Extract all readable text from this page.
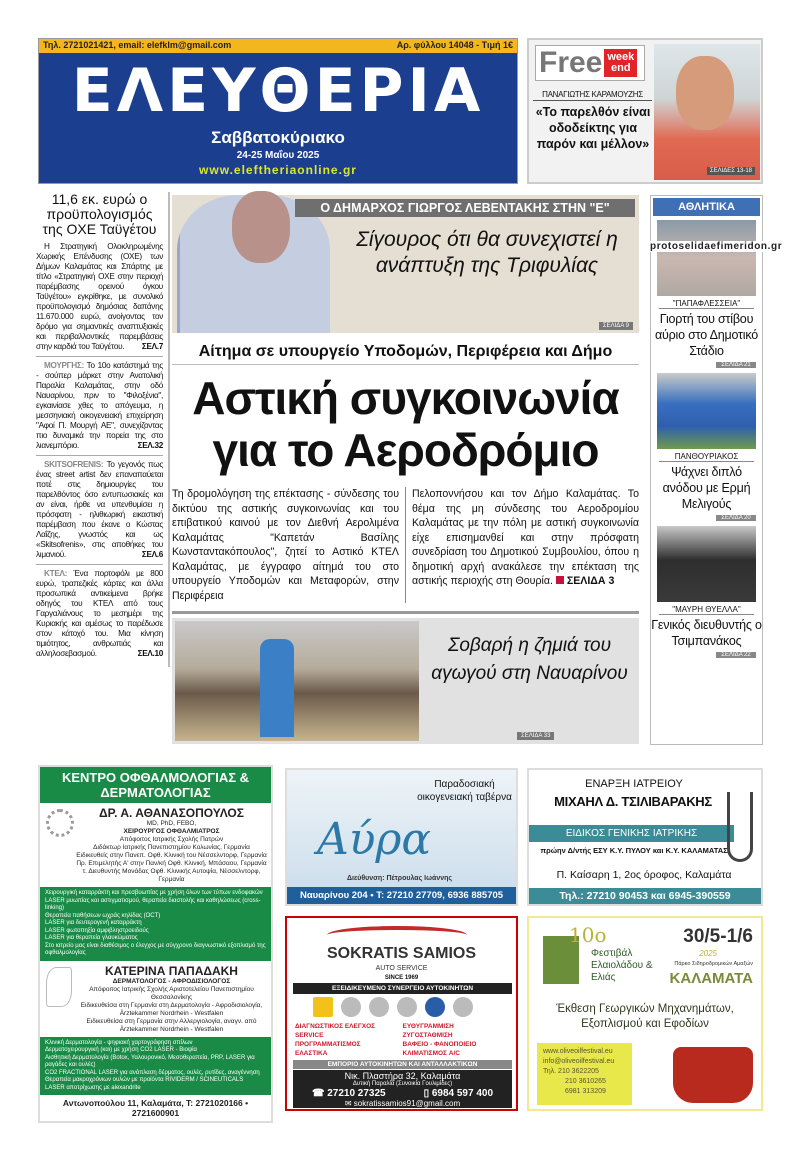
Τηλ. 2721021421, email: elefklm@gmail.com	Αρ. φύλλου 14048 - Τιμή 1€
ΕΛΕΥΘΕΡΙΑ
Σαββατοκύριακο
24-25 Μαΐου 2025
www.eleftheriaonline.gr
Free week
end
ΠΑΝΑΓΙΩΤΗΣ ΚΑΡΑΜΟΥΖΗΣ
«Το παρελθόν είναι οδοδείκτης για παρόν και μέλλον»
ΣΕΛΙΔΕΣ 13-18
11,6 εκ. ευρώ ο προϋπολογισμός της ΟΧΕ Ταϋγέτου

Η Στρατηγική Ολοκληρωμένης Χωρικής Επένδυσης (ΟΧΕ) των Δήμων Καλαμάτας και Σπάρτης με τίτλο «Στρατηγική ΟΧΕ στην περιοχή παρέμβασης ορεινού όγκου Ταϋγέτου» εγκρίθηκε, με συνολικό προϋπολογισμό δημόσιας δαπάνης 11.670.000 ευρώ, ανοίγοντας τον δρόμο για σημαντικές αναπτυξιακές και περιβαλλοντικές παρεμβάσεις στην καρδιά του Ταϋγέτου.	ΣΕΛ.7

ΜΟΥΡΓΗΣ: Το 10ο κατάστημά της - σούπερ μάρκετ στην Ανατολική Παραλία Καλαμάτας, στην οδό Ναυαρίνου, πριν το "Φιλοξένια", εγκαινίασε χθες το απόγευμα, η μεσσηνιακή οικογενειακή επιχείρηση "Αφοί Π. Μουργή ΑΕ", συνεχίζοντας πιο δυναμικά την πορεία της στο λιανεμπόριο.	ΣΕΛ.32

SKITSOFRENIS: Το γεγονός πως ένας street artist δεν επαναπαύεται ποτέ στις δημιουργίες του παρελθόντος όσο εντυπωσιακές και αν είναι, ήρθε να υπενθυμίσει η πρόσφατη - ηλιθιωρική εικαστική παρέμβαση που έκανε ο Κώστας Λαΐζης, γνωστός και ως «Skitsofrenis», στις αποθήκες του λιμανιού.	ΣΕΛ.6

ΚΤΕΛ: Ένα πορτοφόλι με 800 ευρώ, τραπεζικές κάρτες και άλλα προσωπικά αντικείμενα βρήκε οδηγός του ΚΤΕΛ από τους Γαργαλιάνους το μεσημέρι της Κυριακής και αμέσως το παρέδωσε στον κάτοχό του. Μια κίνηση τιμιότητος, ανθρωπιάς και αλληλοσεβασμού.	ΣΕΛ.10

Ο ΔΗΜΑΡΧΟΣ ΓΙΩΡΓΟΣ ΛΕΒΕΝΤΑΚΗΣ ΣΤΗΝ "Ε"
Σίγουρος ότι θα συνεχιστεί η ανάπτυξη της Τριφυλίας
ΣΕΛΙΔΑ 9
Αίτημα σε υπουργείο Υποδομών, Περιφέρεια και Δήμο
Αστική συγκοινωνία
για το Αεροδρόμιο
Τη δρομολόγηση της επέκτασης - σύνδεσης του δικτύου της αστικής συγκοινωνίας και του επιβατικού καινού με τον Διεθνή Αερολιμένα Καλαμάτας "Καπετάν Βασίλης Κωνσταντακόπουλος", ζητεί το Αστικό ΚΤΕΛ Καλαμάτας, με έγγραφο αίτημά του στο υπουργείο Υποδομών και Μεταφορών, στην Περιφέρεια
Πελοποννήσου και τον Δήμο Καλαμάτας. Το θέμα της μη σύνδεσης του Αεροδρομίου Καλαμάτας με την πόλη με αστική συγκοινωνία είχε επισημανθεί και στην πρόσφατη συνεδρίαση του Δημοτικού Συμβουλίου, όπου η δημοτική αρχή ανακάλεσε την επέκταση της αστικής περιοχής στη Θουρία. ΣΕΛΙΔΑ 3
Σοβαρή η ζημιά του αγωγού στη Ναυαρίνου
ΣΕΛΙΔΑ 33
ΑΘΛΗΤΙΚΑ
"ΠΑΠΑΦΛΕΣΣΕΙΑ"
Γιορτή του στίβου αύριο στο Δημοτικό Στάδιο
ΣΕΛΙΔΑ 21
ΠΑΝΘΟΥΡΙΑΚΟΣ
Ψάχνει διπλό ανόδου με Ερμή Μελιγούς
ΣΕΛΙΔΑ 20
"ΜΑΥΡΗ ΘΥΕΛΛΑ"
Γενικός διευθυντής ο Τσιμπανάκος
ΣΕΛΙΔΑ 22
protoselidaefimeridon.gr
ΚΕΝΤΡΟ ΟΦΘΑΛΜΟΛΟΓΙΑΣ & ΔΕΡΜΑΤΟΛΟΓΙΑΣ
ΔΡ. Α. ΑΘΑΝΑΣΟΠΟΥΛΟΣ
MD, PhD, FEBO,
ΧΕΙΡΟΥΡΓΟΣ ΟΦΘΑΛΜΙΑΤΡΟΣ
Απόφοιτος Ιατρικής Σχολής Πατρών
Διδάκτωρ Ιατρικής Πανεπιστημίου Κολωνίας, Γερμανία
Ειδικευθείς στην Πανεπ. Οφθ. Κλινική του Νέσσελντορφ, Γερμανία
Πρ. Επιμελητής Α' στην Παν/κή Οφθ. Κλινική, Μπάσαου, Γερμανία
τ. Διευθυντής Μονάδας Οφθ. Κλινικής Αυτοψία, Νέσσελντορφ, Γερμανία
Χειρουργική καταρράκτη και πρεσβυωπίας με χρήση όλων των τύπων ενδοφακών
LASER μυωπίας και αστιγματισμού, θεραπεία διαστολής και καθηλώσεως (cross-linking)
Θεραπεία παθήσεων ωχράς κηλίδας (OCT)
LASER για δευτερογενή καταρράκτη
LASER φωτοπηξία αμφιβληστροειδούς
LASER για θεραπεία γλαυκώματος
Στο ιατρείο μας είναι διαθέσιμος ο έλεγχος με σύγχρονο διαγνωστικό εξοπλισμό της οφθαλμολογίας
ΚΑΤΕΡΙΝΑ ΠΑΠΑΔΑΚΗ
ΔΕΡΜΑΤΟΛΟΓΟΣ - ΑΦΡΟΔΙΣΙΟΛΟΓΟΣ
Απόφοιτος Ιατρικής Σχολής Αριστοτελείου Πανεπιστημίου Θεσσαλονίκης
Ειδικευθείσα στη Γερμανία στη Δερματολογία - Αφροδισιολογία, Ärztekammer Nordrhein - Westfalen
Ειδικευθείσα στη Γερμανία στην Αλλεργιολογία, αναγν. από Ärztekammer Nordrhein - Westfalen
Κλινική Δερματολογία - ψηφιακή χαρτογράφηση σπίλων
Δερματοχειρουργική (και) με χρήση CO2 LASER - Βιοψία
Αισθητική Δερματολογία (Botox, Υαλουρονικό, Μεσοθεραπεία, PRP, LASER για ραγάδες και ουλές)
CO2 FRACTIONAL LASER για ανάπλαση δέρματος, ουλές, ρυτίδες, αναγέννηση
Θεραπεία μακροχρόνιων ουλών με προϊόντα RIVIDERM / SCINEUTICALS
LASER αποτρίχωσης με alexandrite
Αντωνοπούλου 11, Καλαμάτα, Τ: 2721020166 • 2721600901
Παραδοσιακή οικογενειακή ταβέρνα
Αύρα
Διεύθυνση: Πέτρουλας Ιωάννης
Ναυαρίνου 204 • Τ: 27210 27709, 6936 885705
ΕΝΑΡΞΗ ΙΑΤΡΕΙΟΥ
ΜΙΧΑΗΛ Δ. ΤΣΙΛΙΒΑΡΑΚΗΣ
ΕΙΔΙΚΟΣ ΓΕΝΙΚΗΣ ΙΑΤΡΙΚΗΣ
πρώην Δ/ντής ΕΣΥ Κ.Υ. ΠΥΛΟΥ και Κ.Υ. ΚΑΛΑΜΑΤΑΣ
Π. Καίσαρη 1, 2ος όροφος, Καλαμάτα
Τηλ.: 27210 90453 και 6945-390559
SOKRATIS SAMIOS
AUTO SERVICE
SINCE 1969
ΕΞΕΙΔΙΚΕΥΜΕΝΟ ΣΥΝΕΡΓΕΙΟ ΑΥΤΟΚΙΝΗΤΩΝ
ΔΙΑΓΝΩΣΤΙΚΟΣ ΕΛΕΓΧΟΣ	ΕΥΘΥΓΡΑΜΜΙΣΗ
SERVICE	ΖΥΓΟΣΤΑΘΜΙΣΗ
ΠΡΟΓΡΑΜΜΑΤΙΣΜΟΣ	ΒΑΦΕΙΟ - ΦΑΝΟΠΟΙΕΙΟ
ΕΛΑΣΤΙΚΑ	ΚΛΙΜΑΤΙΣΜΟΣ A/C
ΕΜΠΟΡΙΟ ΑΥΤΟΚΙΝΗΤΩΝ ΚΑΙ ΑΝΤΑΛΛΑΚΤΙΚΩΝ
Νικ. Πλαστήρα 32, Καλαμάτα
Δυτική Παραλία (Συνοικία Γουλιμίδες)
☎ 27210 27325	▯ 6984 597 400
✉ sokratissamios91@gmail.com
10ο
Φεστιβάλ Ελαιολάδου & Ελιάς
30/5-1/6
2025
Πάρκο Σιδηροδρομικών Αμαξών
ΚΑΛΑΜΑΤΑ
Έκθεση Γεωργικών Μηχανημάτων, Εξοπλισμού και Εφοδίων
www.oliveoilfestival.eu
info@oliveoilfestival.eu
Τηλ. 210 3622205
210 3610265
6981 313209
